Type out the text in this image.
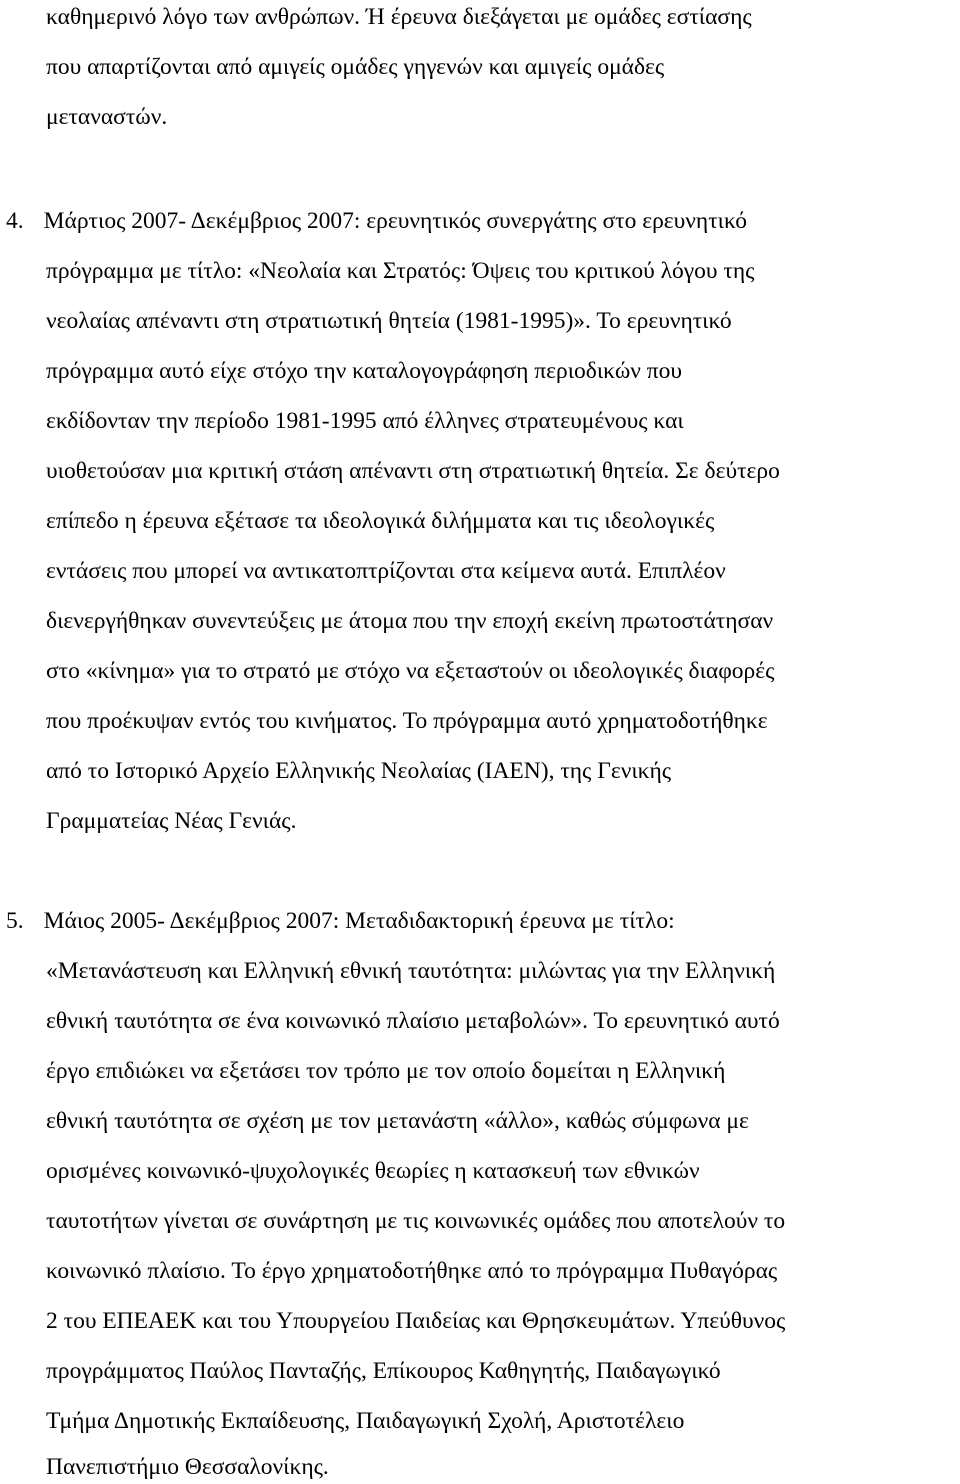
καθημερινό λόγο των ανθρώπων. Ή έρευνα διεξάγεται με ομάδες εστίασης
που απαρτίζονται από αμιγείς ομάδες γηγενών και αμιγείς ομάδες
μεταναστών.
4. Μάρτιος 2007- Δεκέμβριος 2007: ερευνητικός συνεργάτης στο ερευνητικό
πρόγραμμα με τίτλο: «Νεολαία και Στρατός: Όψεις του κριτικού λόγου της
νεολαίας απέναντι στη στρατιωτική θητεία (1981-1995)». Το ερευνητικό
πρόγραμμα αυτό είχε στόχο την καταλογογράφηση περιοδικών που
εκδίδονταν την περίοδο 1981-1995 από έλληνες στρατευμένους και
υιοθετούσαν μια κριτική στάση απέναντι στη στρατιωτική θητεία. Σε δεύτερο
επίπεδο η έρευνα εξέτασε τα ιδεολογικά διλήμματα και τις ιδεολογικές
εντάσεις που μπορεί να αντικατοπτρίζονται στα κείμενα αυτά. Επιπλέον
διενεργήθηκαν συνεντεύξεις με άτομα που την εποχή εκείνη πρωτοστάτησαν
στο «κίνημα» για το στρατό με στόχο να εξεταστούν οι ιδεολογικές διαφορές
που προέκυψαν εντός του κινήματος. Το πρόγραμμα αυτό χρηματοδοτήθηκε
από το Ιστορικό Αρχείο Ελληνικής Νεολαίας (ΙΑΕΝ), της Γενικής
Γραμματείας Νέας Γενιάς.
5. Μάιος 2005- Δεκέμβριος 2007: Μεταδιδακτορική έρευνα με τίτλο:
«Μετανάστευση και Ελληνική εθνική ταυτότητα: μιλώντας για την Ελληνική
εθνική ταυτότητα σε ένα κοινωνικό πλαίσιο μεταβολών». Το ερευνητικό αυτό
έργο επιδιώκει να εξετάσει τον τρόπο με τον οποίο δομείται η Ελληνική
εθνική ταυτότητα σε σχέση με τον μετανάστη «άλλο», καθώς σύμφωνα με
ορισμένες κοινωνικό-ψυχολογικές θεωρίες η κατασκευή των εθνικών
ταυτοτήτων γίνεται σε συνάρτηση με τις κοινωνικές ομάδες που αποτελούν το
κοινωνικό πλαίσιο. Το έργο χρηματοδοτήθηκε από το πρόγραμμα Πυθαγόρας
2 του ΕΠΕΑΕΚ και του Υπουργείου Παιδείας και Θρησκευμάτων. Υπεύθυνος
προγράμματος Παύλος Πανταζής, Επίκουρος Καθηγητής, Παιδαγωγικό
Τμήμα Δημοτικής Εκπαίδευσης, Παιδαγωγική Σχολή, Αριστοτέλειο
Πανεπιστήμιο Θεσσαλονίκης.
